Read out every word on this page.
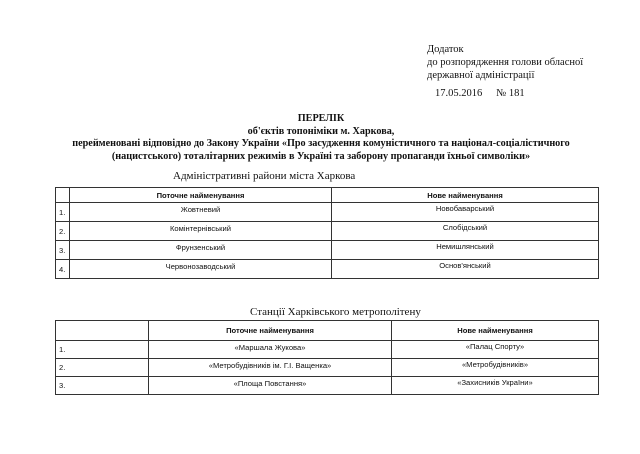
Додаток
до розпорядження голови обласної
державної адміністрації
17.05.2016 № 181
ПЕРЕЛІК
об'єктів топоніміки м. Харкова,
перейменовані відповідно до Закону України «Про засудження комуністичного та націонал-соціалістичного
(нацистського) тоталітарних режимів в Україні та заборону пропаганди їхньої символіки»
Адміністративні райони міста Харкова
	Поточне найменування	Нове найменування
1.	Жовтневий	Новобаварський
2.	Комінтернівський	Слобідський
3.	Фрунзенський	Немишлянський
4.	Червонозаводський	Основ'янський
Станції Харківського метрополітену
	Поточне найменування	Нове найменування
1.	«Маршала Жукова»	«Палац Спорту»
2.	«Метробудівників ім. Г.І. Ващенка»	«Метробудівників»
3.	«Площа Повстання»	«Захисників України»
